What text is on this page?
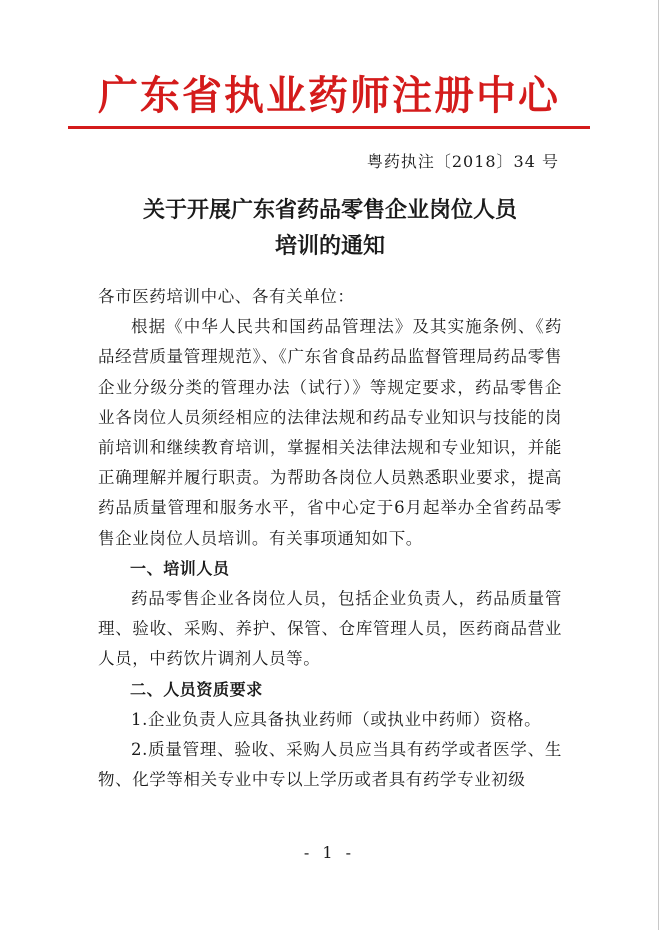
广东省执业药师注册中心
粤药执注〔2018〕34 号
关于开展广东省药品零售企业岗位人员
培训的通知

各市医药培训中心、各有关单位：

根据《中华人民共和国药品管理法》及其实施条例、《药品经营质量管理规范》、《广东省食品药品监督管理局药品零售企业分级分类的管理办法（试行）》等规定要求，药品零售企业各岗位人员须经相应的法律法规和药品专业知识与技能的岗前培训和继续教育培训，掌握相关法律法规和专业知识，并能正确理解并履行职责。为帮助各岗位人员熟悉职业要求，提高药品质量管理和服务水平，省中心定于6月起举办全省药品零售企业岗位人员培训。有关事项通知如下。

一、培训人员

药品零售企业各岗位人员，包括企业负责人，药品质量管理、验收、采购、养护、保管、仓库管理人员，医药商品营业人员，中药饮片调剂人员等。

二、人员资质要求

1.企业负责人应具备执业药师（或执业中药师）资格。

2.质量管理、验收、采购人员应当具有药学或者医学、生物、化学等相关专业中专以上学历或者具有药学专业初级

- 1 -
